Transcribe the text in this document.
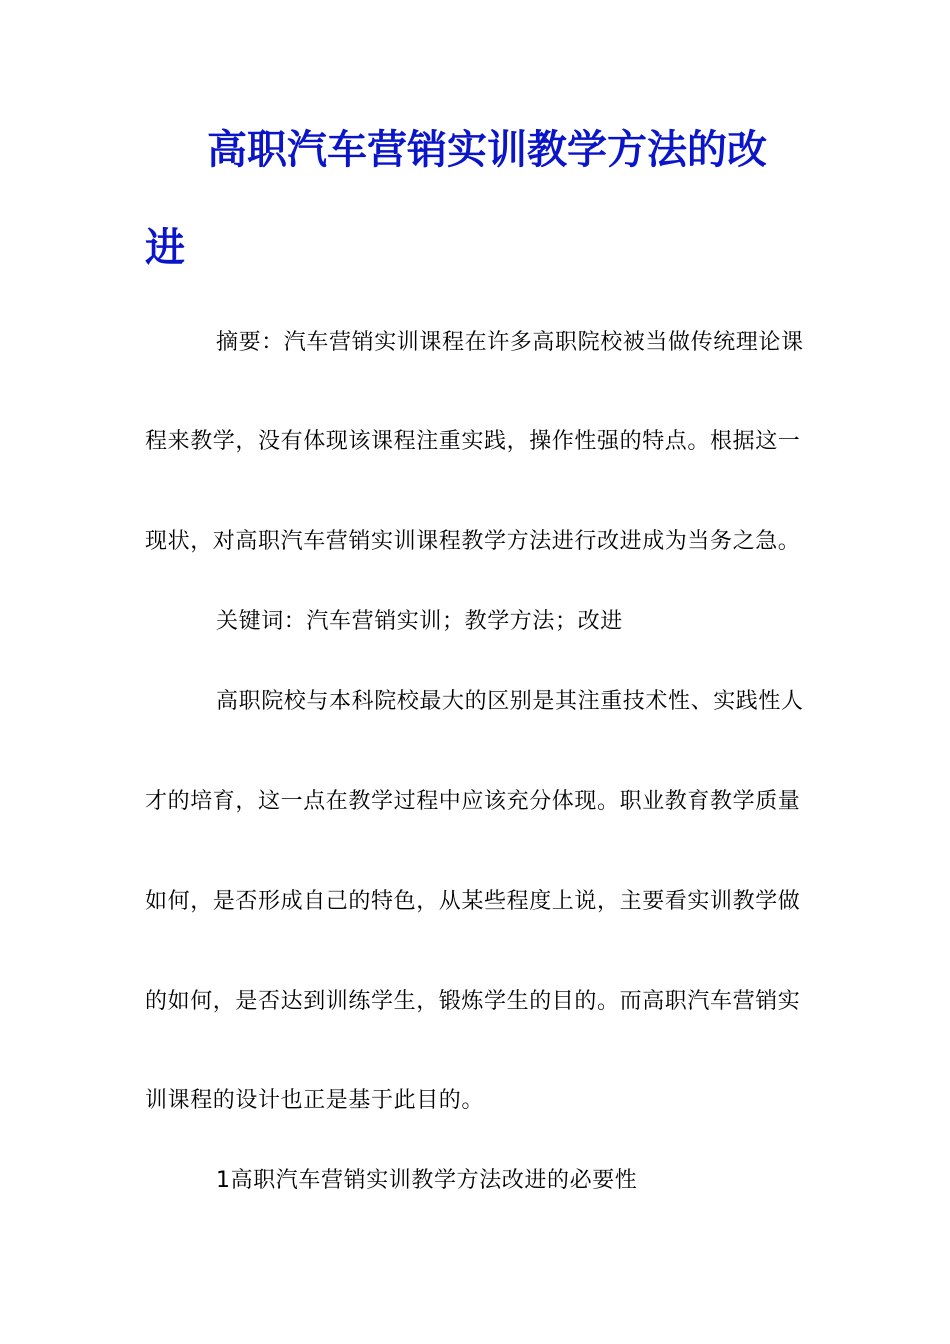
高职汽车营销实训教学方法的改
进
摘要：汽车营销实训课程在许多高职院校被当做传统理论课
程来教学，没有体现该课程注重实践，操作性强的特点。根据这一
现状，对高职汽车营销实训课程教学方法进行改进成为当务之急。
关键词：汽车营销实训；教学方法；改进
高职院校与本科院校最大的区别是其注重技术性、实践性人
才的培育，这一点在教学过程中应该充分体现。职业教育教学质量
如何，是否形成自己的特色，从某些程度上说，主要看实训教学做
的如何，是否达到训练学生，锻炼学生的目的。而高职汽车营销实
训课程的设计也正是基于此目的。
1高职汽车营销实训教学方法改进的必要性
